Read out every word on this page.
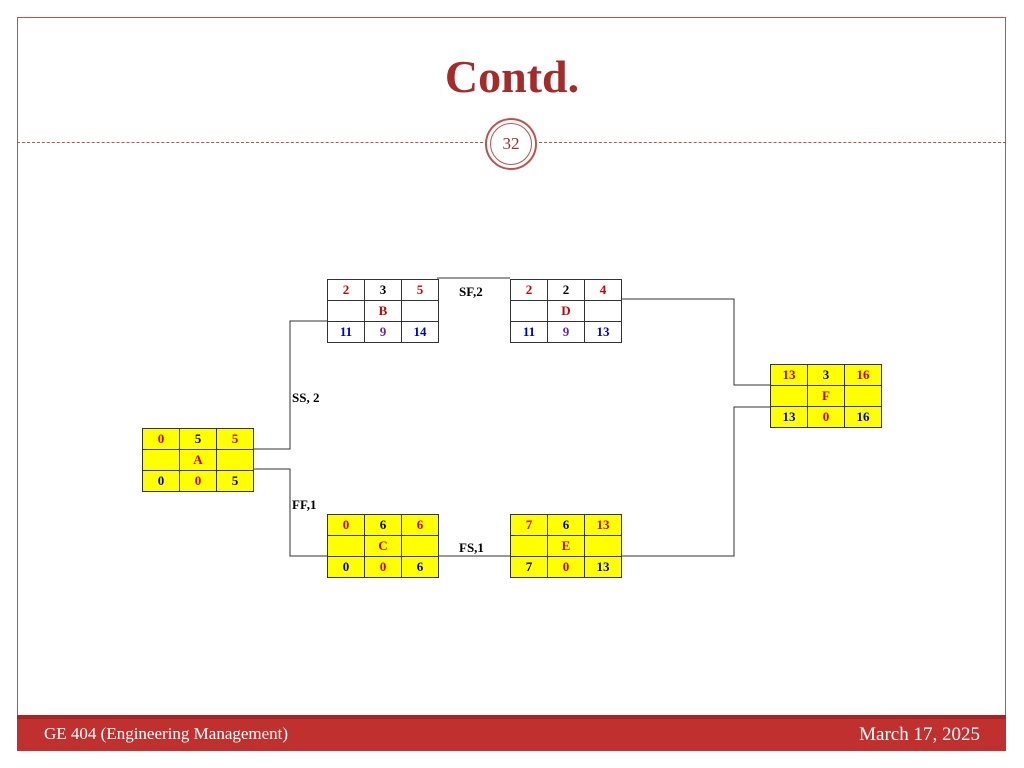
Contd.
32
2	3	5
	B	
11	9	14
2	2	4
	D	
11	9	13
13	3	16
	F	
13	0	16
0	5	5
	A	
0	0	5
0	6	6
	C	
0	0	6
7	6	13
	E	
7	0	13
SF,2
SS, 2
FF,1
FS,1
GE 404 (Engineering Management)	March 17, 2025
